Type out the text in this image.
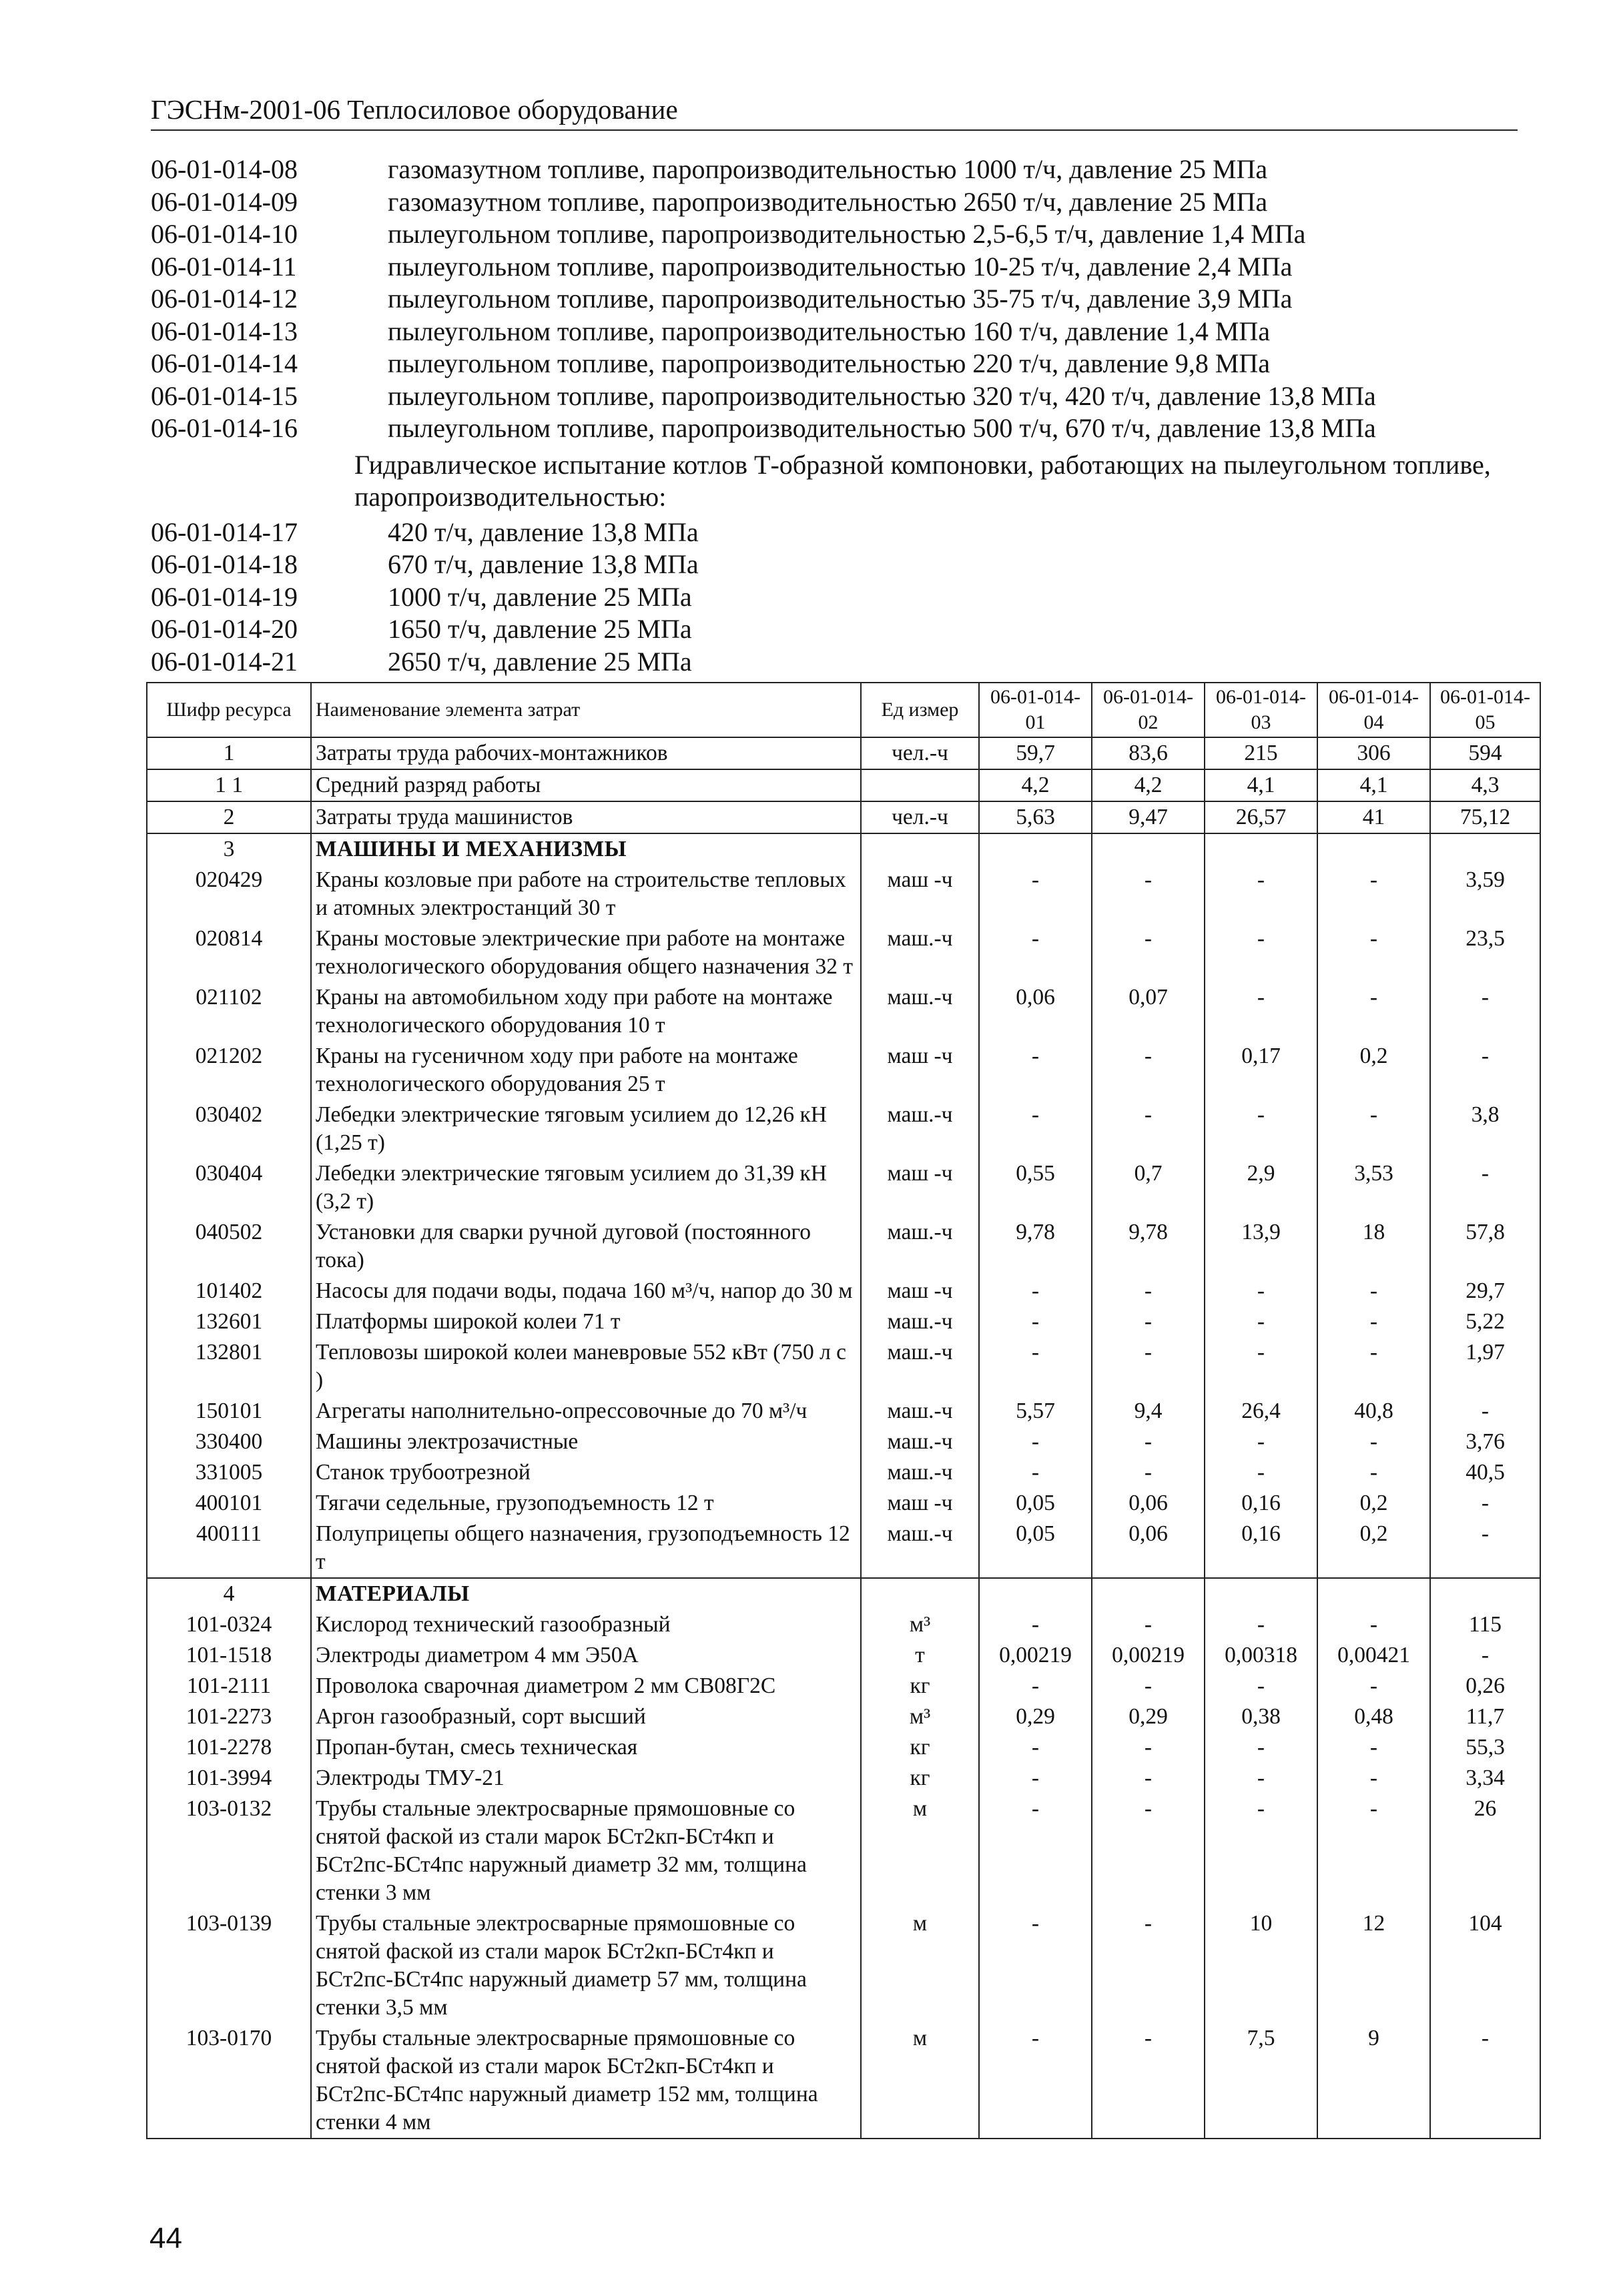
ГЭСНм-2001-06 Теплосиловое оборудование
06-01-014-08	газомазутном топливе, паропроизводительностью 1000 т/ч, давление 25 МПа
06-01-014-09	газомазутном топливе, паропроизводительностью 2650 т/ч, давление 25 МПа
06-01-014-10	пылеугольном топливе, паропроизводительностью 2,5-6,5 т/ч, давление 1,4 МПа
06-01-014-11	пылеугольном топливе, паропроизводительностью 10-25 т/ч, давление 2,4 МПа
06-01-014-12	пылеугольном топливе, паропроизводительностью 35-75 т/ч, давление 3,9 МПа
06-01-014-13	пылеугольном топливе, паропроизводительностью 160 т/ч, давление 1,4 МПа
06-01-014-14	пылеугольном топливе, паропроизводительностью 220 т/ч, давление 9,8 МПа
06-01-014-15	пылеугольном топливе, паропроизводительностью 320 т/ч, 420 т/ч, давление 13,8 МПа
06-01-014-16	пылеугольном топливе, паропроизводительностью 500 т/ч, 670 т/ч, давление 13,8 МПа
Гидравлическое испытание котлов Т-образной компоновки, работающих на пылеугольном топливе, паропроизводительностью:
06-01-014-17	420 т/ч, давление 13,8 МПа
06-01-014-18	670 т/ч, давление 13,8 МПа
06-01-014-19	1000 т/ч, давление 25 МПа
06-01-014-20	1650 т/ч, давление 25 МПа
06-01-014-21	2650 т/ч, давление 25 МПа
Шифр ресурса	Наименование элемента затрат	Ед измер	06-01-014-01	06-01-014-02	06-01-014-03	06-01-014-04	06-01-014-05
1	Затраты труда рабочих-монтажников	чел.-ч	59,7	83,6	215	306	594
1 1	Средний разряд работы		4,2	4,2	4,1	4,1	4,3
2	Затраты труда машинистов	чел.-ч	5,63	9,47	26,57	41	75,12
3	МАШИНЫ И МЕХАНИЗМЫ						
020429	Краны козловые при работе на строительстве тепловых и атомных электростанций 30 т	маш -ч	-	-	-	-	3,59
020814	Краны мостовые электрические при работе на монтаже технологического оборудования общего назначения 32 т	маш.-ч	-	-	-	-	23,5
021102	Краны на автомобильном ходу при работе на монтаже технологического оборудования 10 т	маш.-ч	0,06	0,07	-	-	-
021202	Краны на гусеничном ходу при работе на монтаже технологического оборудования 25 т	маш -ч	-	-	0,17	0,2	-
030402	Лебедки электрические тяговым усилием до 12,26 кН (1,25 т)	маш.-ч	-	-	-	-	3,8
030404	Лебедки электрические тяговым усилием до 31,39 кН (3,2 т)	маш -ч	0,55	0,7	2,9	3,53	-
040502	Установки для сварки ручной дуговой (постоянного тока)	маш.-ч	9,78	9,78	13,9	18	57,8
101402	Насосы для подачи воды, подача 160 м³/ч, напор до 30 м	маш -ч	-	-	-	-	29,7
132601	Платформы широкой колеи 71 т	маш.-ч	-	-	-	-	5,22
132801	Тепловозы широкой колеи маневровые 552 кВт (750 л с )	маш.-ч	-	-	-	-	1,97
150101	Агрегаты наполнительно-опрессовочные до 70 м³/ч	маш.-ч	5,57	9,4	26,4	40,8	-
330400	Машины электрозачистные	маш.-ч	-	-	-	-	3,76
331005	Станок трубоотрезной	маш.-ч	-	-	-	-	40,5
400101	Тягачи седельные, грузоподъемность 12 т	маш -ч	0,05	0,06	0,16	0,2	-
400111	Полуприцепы общего назначения, грузоподъемность 12 т	маш.-ч	0,05	0,06	0,16	0,2	-
4	МАТЕРИАЛЫ						
101-0324	Кислород технический газообразный	м³	-	-	-	-	115
101-1518	Электроды диаметром 4 мм Э50А	т	0,00219	0,00219	0,00318	0,00421	-
101-2111	Проволока сварочная диаметром 2 мм СВ08Г2С	кг	-	-	-	-	0,26
101-2273	Аргон газообразный, сорт высший	м³	0,29	0,29	0,38	0,48	11,7
101-2278	Пропан-бутан, смесь техническая	кг	-	-	-	-	55,3
101-3994	Электроды ТМУ-21	кг	-	-	-	-	3,34
103-0132	Трубы стальные электросварные прямошовные со снятой фаской из стали марок БСт2кп-БСт4кп и БСт2пс-БСт4пс наружный диаметр 32 мм, толщина стенки 3 мм	м	-	-	-	-	26
103-0139	Трубы стальные электросварные прямошовные со снятой фаской из стали марок БСт2кп-БСт4кп и БСт2пс-БСт4пс наружный диаметр 57 мм, толщина стенки 3,5 мм	м	-	-	10	12	104
103-0170	Трубы стальные электросварные прямошовные со снятой фаской из стали марок БСт2кп-БСт4кп и БСт2пс-БСт4пс наружный диаметр 152 мм, толщина стенки 4 мм	м	-	-	7,5	9	-
44
